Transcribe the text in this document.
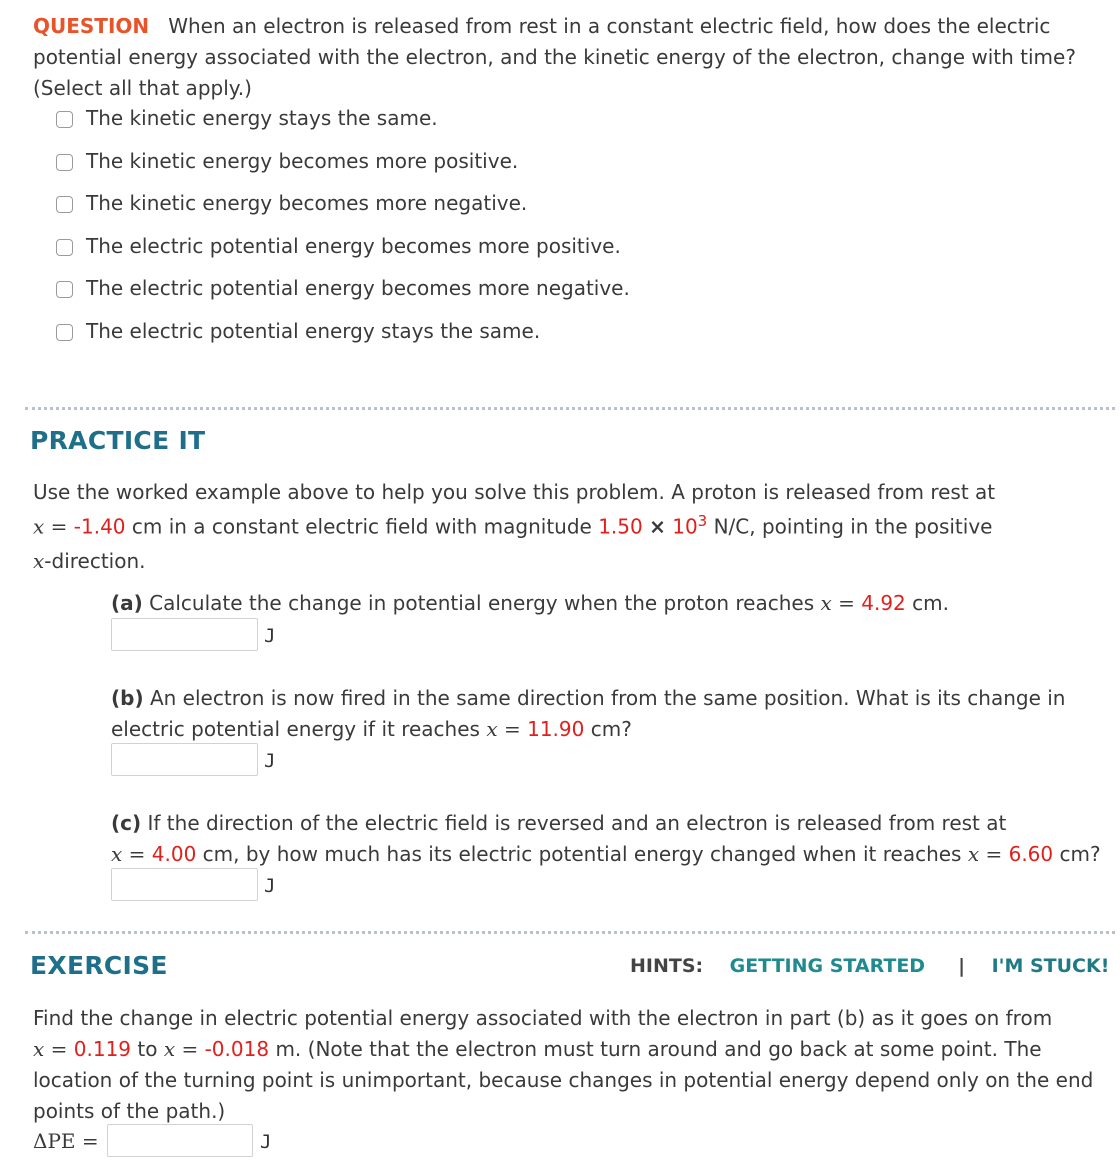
QUESTION When an electron is released from rest in a constant electric field, how does the electric
potential energy associated with the electron, and the kinetic energy of the electron, change with time?
(Select all that apply.)
The kinetic energy stays the same.
The kinetic energy becomes more positive.
The kinetic energy becomes more negative.
The electric potential energy becomes more positive.
The electric potential energy becomes more negative.
The electric potential energy stays the same.
PRACTICE IT
Use the worked example above to help you solve this problem. A proton is released from rest at
x = -1.40 cm in a constant electric field with magnitude $1.50 \times 10^3$ N/C, pointing in the positive
x-direction.
(a) Calculate the change in potential energy when the proton reaches x = 4.92 cm.
J
(b) An electron is now fired in the same direction from the same position. What is its change in
electric potential energy if it reaches x = 11.90 cm?
J
(c) If the direction of the electric field is reversed and an electron is released from rest at
x = 4.00 cm, by how much has its electric potential energy changed when it reaches x = 6.60 cm?
J
EXERCISE	HINTS: GETTING STARTED | I'M STUCK!
Find the change in electric potential energy associated with the electron in part (b) as it goes on from
x = 0.119 to x = -0.018 m. (Note that the electron must turn around and go back at some point. The
location of the turning point is unimportant, because changes in potential energy depend only on the end
points of the path.)
ΔPE =	J
